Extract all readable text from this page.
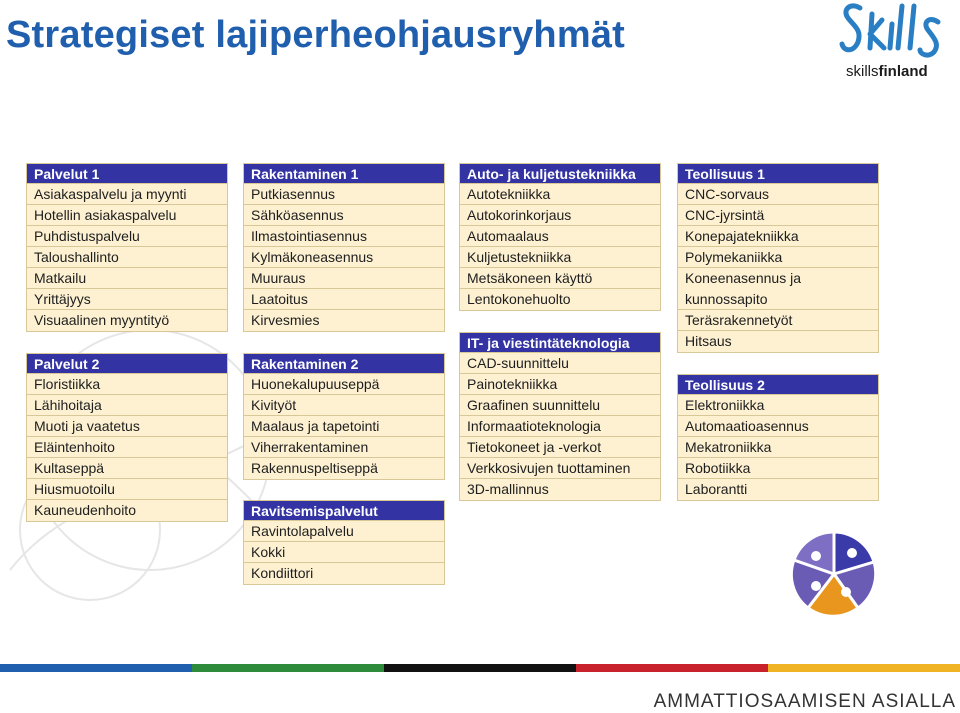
Strategiset lajiperheohjausryhmät
skillsfinland
Palvelut 1
Asiakaspalvelu ja myynti
Hotellin asiakaspalvelu
Puhdistuspalvelu
Taloushallinto
Matkailu
Yrittäjyys
Visuaalinen myyntityö
Palvelut 2
Floristiikka
Lähihoitaja
Muoti ja vaatetus
Eläintenhoito
Kultaseppä
Hiusmuotoilu
Kauneudenhoito
Rakentaminen 1
Putkiasennus
Sähköasennus
Ilmastointiasennus
Kylmäkoneasennus
Muuraus
Laatoitus
Kirvesmies
Rakentaminen 2
Huonekalupuuseppä
Kivityöt
Maalaus ja tapetointi
Viherrakentaminen
Rakennuspeltiseppä
Ravitsemispalvelut
Ravintolapalvelu
Kokki
Kondiittori
Auto- ja kuljetustekniikka
Autotekniikka
Autokorinkorjaus
Automaalaus
Kuljetustekniikka
Metsäkoneen käyttö
Lentokonehuolto
IT- ja viestintäteknologia
CAD-suunnittelu
Painotekniikka
Graafinen suunnittelu
Informaatioteknologia
Tietokoneet ja -verkot
Verkkosivujen tuottaminen
3D-mallinnus
Teollisuus 1
CNC-sorvaus
CNC-jyrsintä
Konepajatekniikka
Polymekaniikka
Koneenasennus ja
kunnossapito
Teräsrakennetyöt
Hitsaus
Teollisuus 2
Elektroniikka
Automaatioasennus
Mekatroniikka
Robotiikka
Laborantti
AMMATTIOSAAMISEN ASIALLA
